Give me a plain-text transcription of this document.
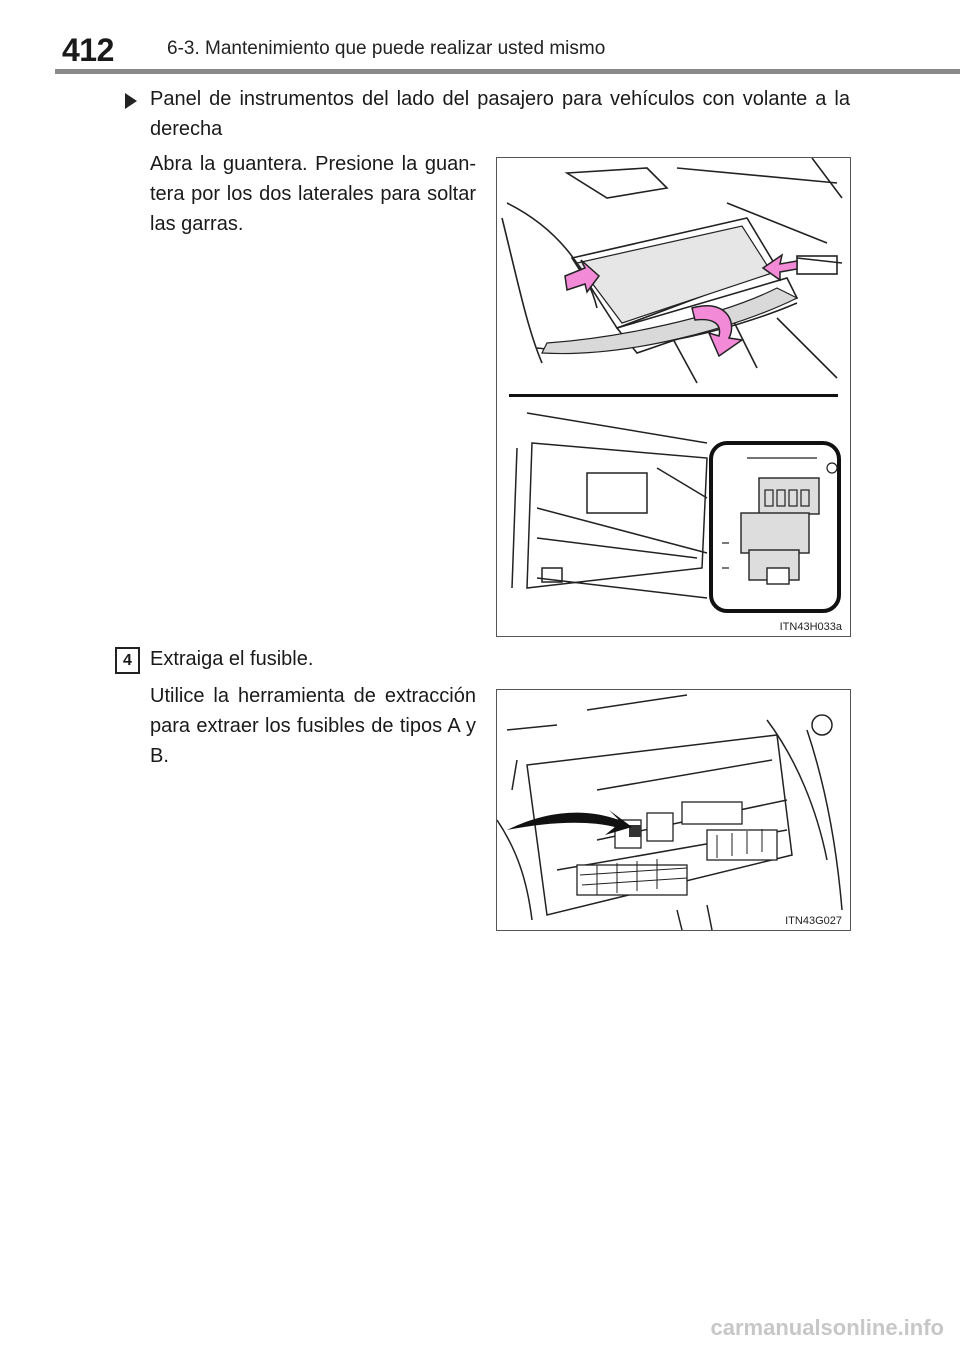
412	6-3. Mantenimiento que puede realizar usted mismo
Panel de instrumentos del lado del pasajero para vehículos con volante a la derecha
Abra la guantera. Presione la guan-tera por los dos laterales para soltar las garras.
ITN43H033a
4 Extraiga el fusible.
Utilice la herramienta de extracción para extraer los fusibles de tipos A y B.
ITN43G027
carmanualsonline.info
